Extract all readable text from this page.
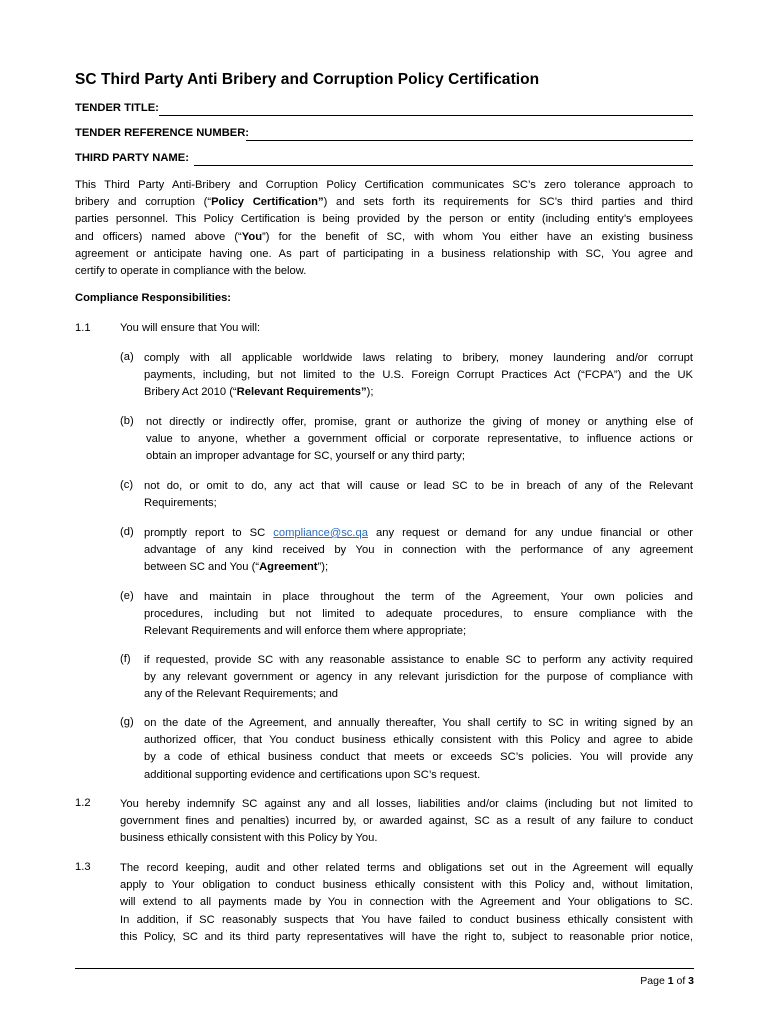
SC Third Party Anti Bribery and Corruption Policy Certification
TENDER TITLE:
TENDER REFERENCE NUMBER:
THIRD PARTY NAME:
This Third Party Anti-Bribery and Corruption Policy Certification communicates SC’s zero tolerance approach to
bribery and corruption (“Policy Certification”) and sets forth its requirements for SC’s third parties and third
parties personnel. This Policy Certification is being provided by the person or entity (including entity’s employees
and officers) named above (“You”) for the benefit of SC, with whom You either have an existing business
agreement or anticipate having one. As part of participating in a business relationship with SC, You agree and
certify to operate in compliance with the below.
Compliance Responsibilities:
1.1	You will ensure that You will:
(a) comply with all applicable worldwide laws relating to bribery, money laundering and/or corrupt
payments, including, but not limited to the U.S. Foreign Corrupt Practices Act (“FCPA”) and the UK
Bribery Act 2010 (“Relevant Requirements”);
(b) not directly or indirectly offer, promise, grant or authorize the giving of money or anything else of
value to anyone, whether a government official or corporate representative, to influence actions or
obtain an improper advantage for SC, yourself or any third party;
(c) not do, or omit to do, any act that will cause or lead SC to be in breach of any of the Relevant
Requirements;
(d) promptly report to SC compliance@sc.qa any request or demand for any undue financial or other
advantage of any kind received by You in connection with the performance of any agreement
between SC and You (“Agreement”);
(e) have and maintain in place throughout the term of the Agreement, Your own policies and
procedures, including but not limited to adequate procedures, to ensure compliance with the
Relevant Requirements and will enforce them where appropriate;
(f) if requested, provide SC with any reasonable assistance to enable SC to perform any activity required
by any relevant government or agency in any relevant jurisdiction for the purpose of compliance with
any of the Relevant Requirements; and
(g) on the date of the Agreement, and annually thereafter, You shall certify to SC in writing signed by an
authorized officer, that You conduct business ethically consistent with this Policy and agree to abide
by a code of ethical business conduct that meets or exceeds SC’s policies. You will provide any
additional supporting evidence and certifications upon SC’s request.
1.2	You hereby indemnify SC against any and all losses, liabilities and/or claims (including but not limited to
government fines and penalties) incurred by, or awarded against, SC as a result of any failure to conduct
business ethically consistent with this Policy by You.
1.3	The record keeping, audit and other related terms and obligations set out in the Agreement will equally
apply to Your obligation to conduct business ethically consistent with this Policy and, without limitation,
will extend to all payments made by You in connection with the Agreement and Your obligations to SC.
In addition, if SC reasonably suspects that You have failed to conduct business ethically consistent with
this Policy, SC and its third party representatives will have the right to, subject to reasonable prior notice,
Page 1 of 3
